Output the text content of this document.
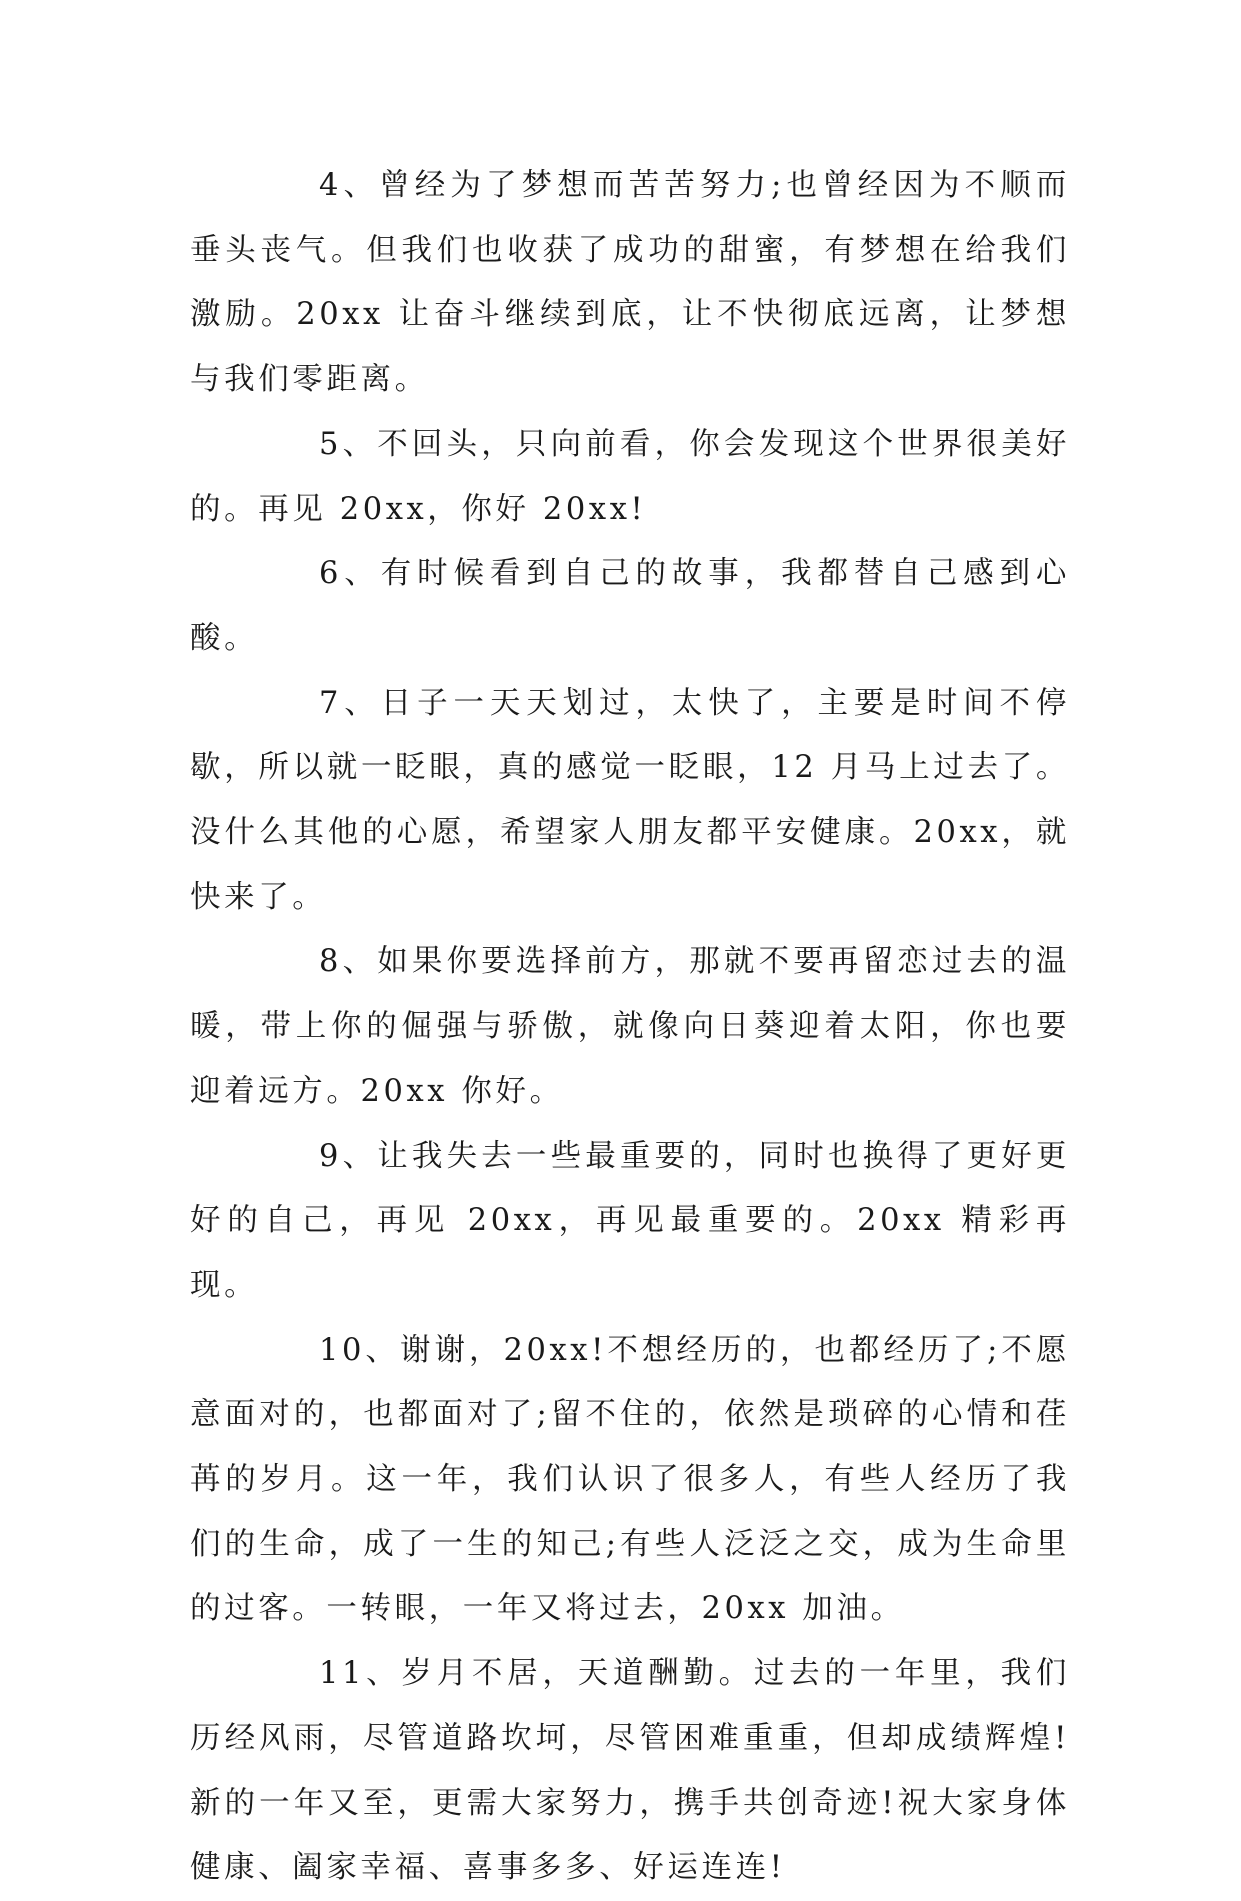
4、曾经为了梦想而苦苦努力;也曾经因为不顺而垂头丧气。但我们也收获了成功的甜蜜，有梦想在给我们激励。20xx 让奋斗继续到底，让不快彻底远离，让梦想与我们零距离。

5、不回头，只向前看，你会发现这个世界很美好的。再见 20xx，你好 20xx!

6、有时候看到自己的故事，我都替自己感到心酸。

7、日子一天天划过，太快了，主要是时间不停歇，所以就一眨眼，真的感觉一眨眼，12 月马上过去了。没什么其他的心愿，希望家人朋友都平安健康。20xx，就快来了。

8、如果你要选择前方，那就不要再留恋过去的温暖，带上你的倔强与骄傲，就像向日葵迎着太阳，你也要迎着远方。20xx 你好。

9、让我失去一些最重要的，同时也换得了更好更好的自己，再见 20xx，再见最重要的。20xx 精彩再现。

10、谢谢，20xx!不想经历的，也都经历了;不愿意面对的，也都面对了;留不住的，依然是琐碎的心情和荏苒的岁月。这一年，我们认识了很多人，有些人经历了我们的生命，成了一生的知己;有些人泛泛之交，成为生命里的过客。一转眼，一年又将过去，20xx 加油。

11、岁月不居，天道酬勤。过去的一年里，我们历经风雨，尽管道路坎坷，尽管困难重重，但却成绩辉煌!新的一年又至，更需大家努力，携手共创奇迹!祝大家身体健康、阖家幸福、喜事多多、好运连连!
